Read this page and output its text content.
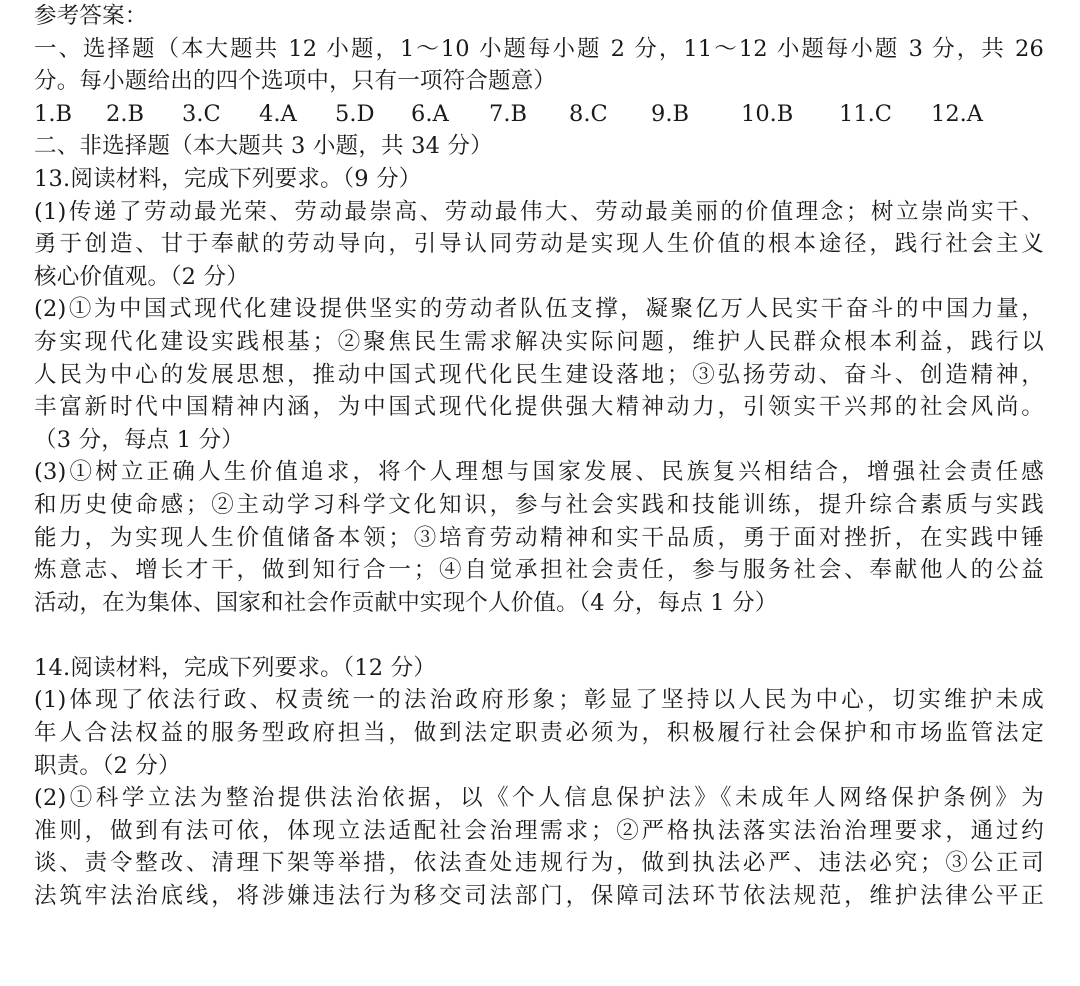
参考答案：
一、选择题（本大题共 12 小题，1～10 小题每小题 2 分，11～12 小题每小题 3 分，共 26
分。每小题给出的四个选项中，只有一项符合题意）
1.B	2.B	3.C	4.A	5.D	6.A	7.B	8.C	9.B	10.B	11.C	12.A
二、非选择题（本大题共 3 小题，共 34 分）
13.阅读材料，完成下列要求。（9 分）
(1)传递了劳动最光荣、劳动最崇高、劳动最伟大、劳动最美丽的价值理念；树立崇尚实干、
勇于创造、甘于奉献的劳动导向，引导认同劳动是实现人生价值的根本途径，践行社会主义
核心价值观。（2 分）
(2)①为中国式现代化建设提供坚实的劳动者队伍支撑，凝聚亿万人民实干奋斗的中国力量，
夯实现代化建设实践根基；②聚焦民生需求解决实际问题，维护人民群众根本利益，践行以
人民为中心的发展思想，推动中国式现代化民生建设落地；③弘扬劳动、奋斗、创造精神，
丰富新时代中国精神内涵，为中国式现代化提供强大精神动力，引领实干兴邦的社会风尚。
（3 分，每点 1 分）
(3)①树立正确人生价值追求，将个人理想与国家发展、民族复兴相结合，增强社会责任感
和历史使命感；②主动学习科学文化知识，参与社会实践和技能训练，提升综合素质与实践
能力，为实现人生价值储备本领；③培育劳动精神和实干品质，勇于面对挫折，在实践中锤
炼意志、增长才干，做到知行合一；④自觉承担社会责任，参与服务社会、奉献他人的公益
活动，在为集体、国家和社会作贡献中实现个人价值。（4 分，每点 1 分）
14.阅读材料，完成下列要求。（12 分）
(1)体现了依法行政、权责统一的法治政府形象；彰显了坚持以人民为中心，切实维护未成
年人合法权益的服务型政府担当，做到法定职责必须为，积极履行社会保护和市场监管法定
职责。（2 分）
(2)①科学立法为整治提供法治依据，以《个人信息保护法》《未成年人网络保护条例》为
准则，做到有法可依，体现立法适配社会治理需求；②严格执法落实法治治理要求，通过约
谈、责令整改、清理下架等举措，依法查处违规行为，做到执法必严、违法必究；③公正司
法筑牢法治底线，将涉嫌违法行为移交司法部门，保障司法环节依法规范，维护法律公平正
